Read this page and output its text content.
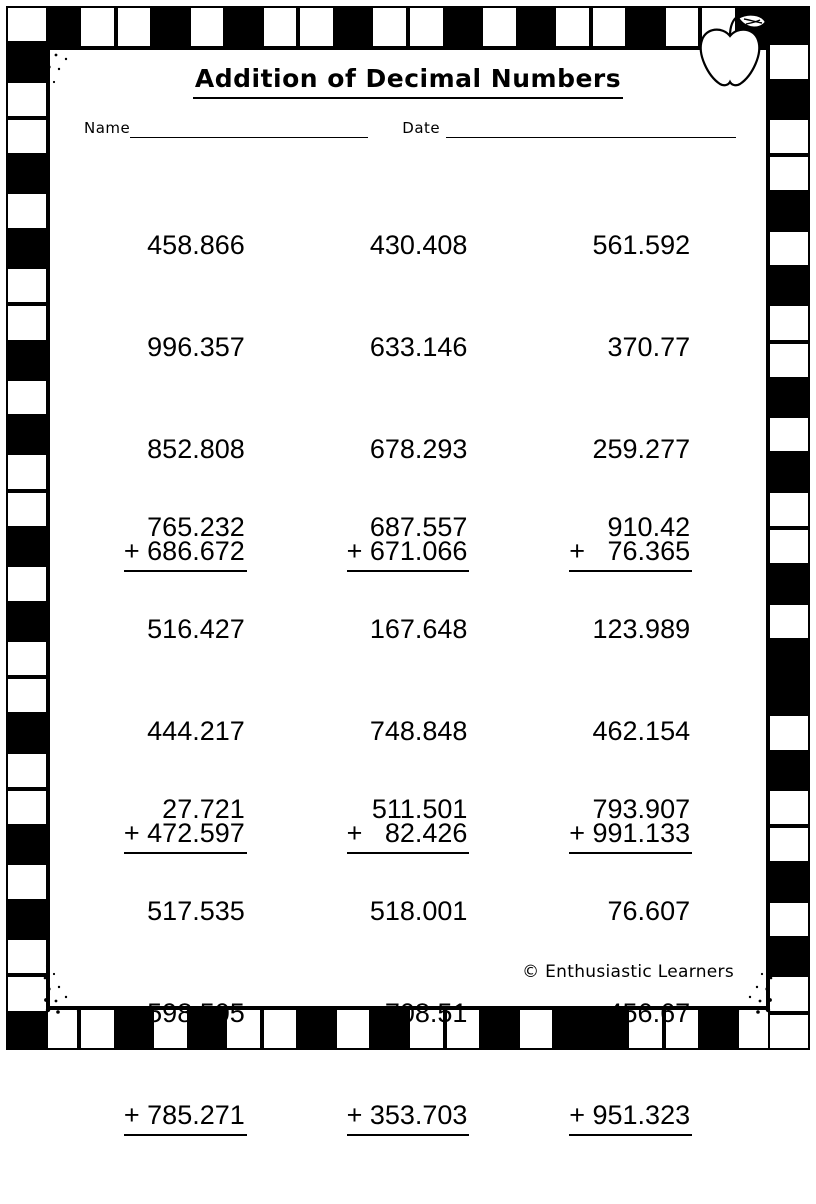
Addition of Decimal Numbers
Name	Date

458.866

996.357

852.808

+ 686.672

430.408

633.146

678.293

+ 671.066

561.592

370.77

259.277

+   76.365

765.232

516.427

444.217

+ 472.597

687.557

167.648

748.848

+   82.426

910.42

123.989

462.154

+ 991.133

27.721

517.535

598.505

+ 785.271

511.501

518.001

708.51

+ 353.703

793.907

76.607

456.67

+ 951.323

© Enthusiastic Learners
